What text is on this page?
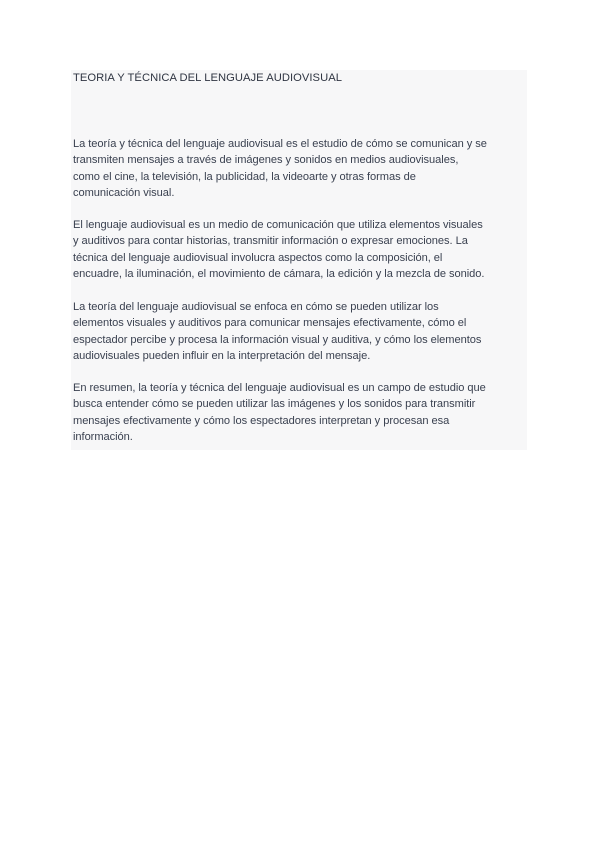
TEORIA Y TÉCNICA DEL LENGUAJE AUDIOVISUAL

La teoría y técnica del lenguaje audiovisual es el estudio de cómo se comunican y se
transmiten mensajes a través de imágenes y sonidos en medios audiovisuales,
como el cine, la televisión, la publicidad, la videoarte y otras formas de
comunicación visual.

El lenguaje audiovisual es un medio de comunicación que utiliza elementos visuales
y auditivos para contar historias, transmitir información o expresar emociones. La
técnica del lenguaje audiovisual involucra aspectos como la composición, el
encuadre, la iluminación, el movimiento de cámara, la edición y la mezcla de sonido.

La teoría del lenguaje audiovisual se enfoca en cómo se pueden utilizar los
elementos visuales y auditivos para comunicar mensajes efectivamente, cómo el
espectador percibe y procesa la información visual y auditiva, y cómo los elementos
audiovisuales pueden influir en la interpretación del mensaje.

En resumen, la teoría y técnica del lenguaje audiovisual es un campo de estudio que
busca entender cómo se pueden utilizar las imágenes y los sonidos para transmitir
mensajes efectivamente y cómo los espectadores interpretan y procesan esa
información.
